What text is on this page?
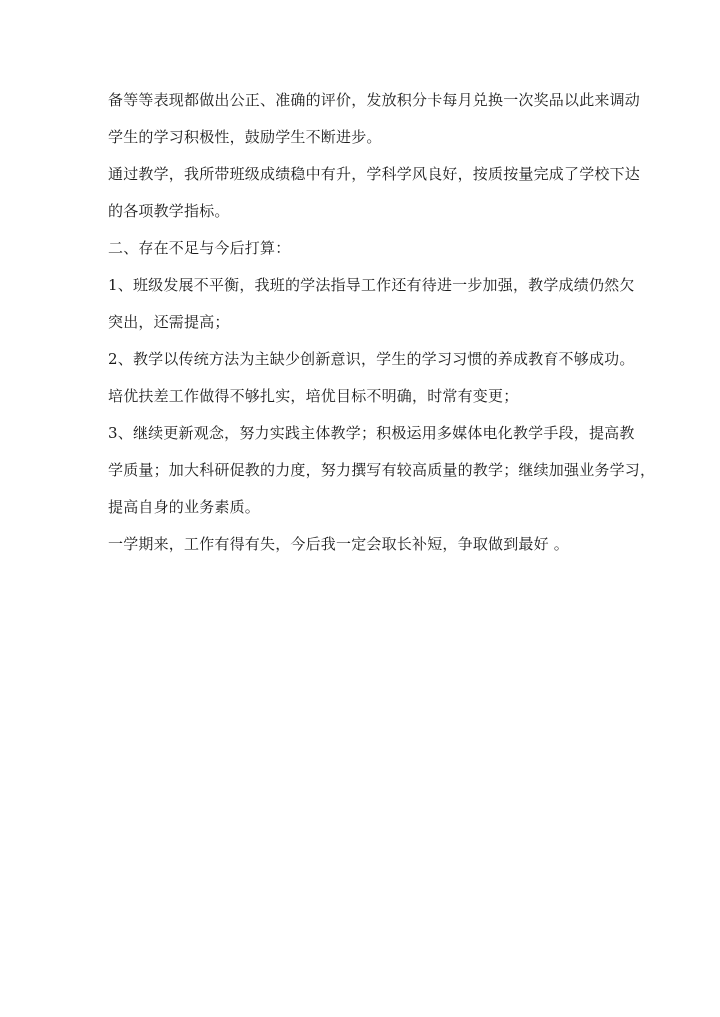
备等等表现都做出公正、准确的评价，发放积分卡每月兑换一次奖品以此来调动
学生的学习积极性，鼓励学生不断进步。
通过教学，我所带班级成绩稳中有升，学科学风良好，按质按量完成了学校下达
的各项教学指标。
二、存在不足与今后打算：
1、班级发展不平衡，我班的学法指导工作还有待进一步加强，教学成绩仍然欠
突出，还需提高；
2、教学以传统方法为主缺少创新意识，学生的学习习惯的养成教育不够成功。
培优扶差工作做得不够扎实，培优目标不明确，时常有变更；
3、继续更新观念，努力实践主体教学；积极运用多媒体电化教学手段，提高教
学质量；加大科研促教的力度，努力撰写有较高质量的教学；继续加强业务学习，
提高自身的业务素质。
一学期来，工作有得有失，今后我一定会取长补短，争取做到最好 。
